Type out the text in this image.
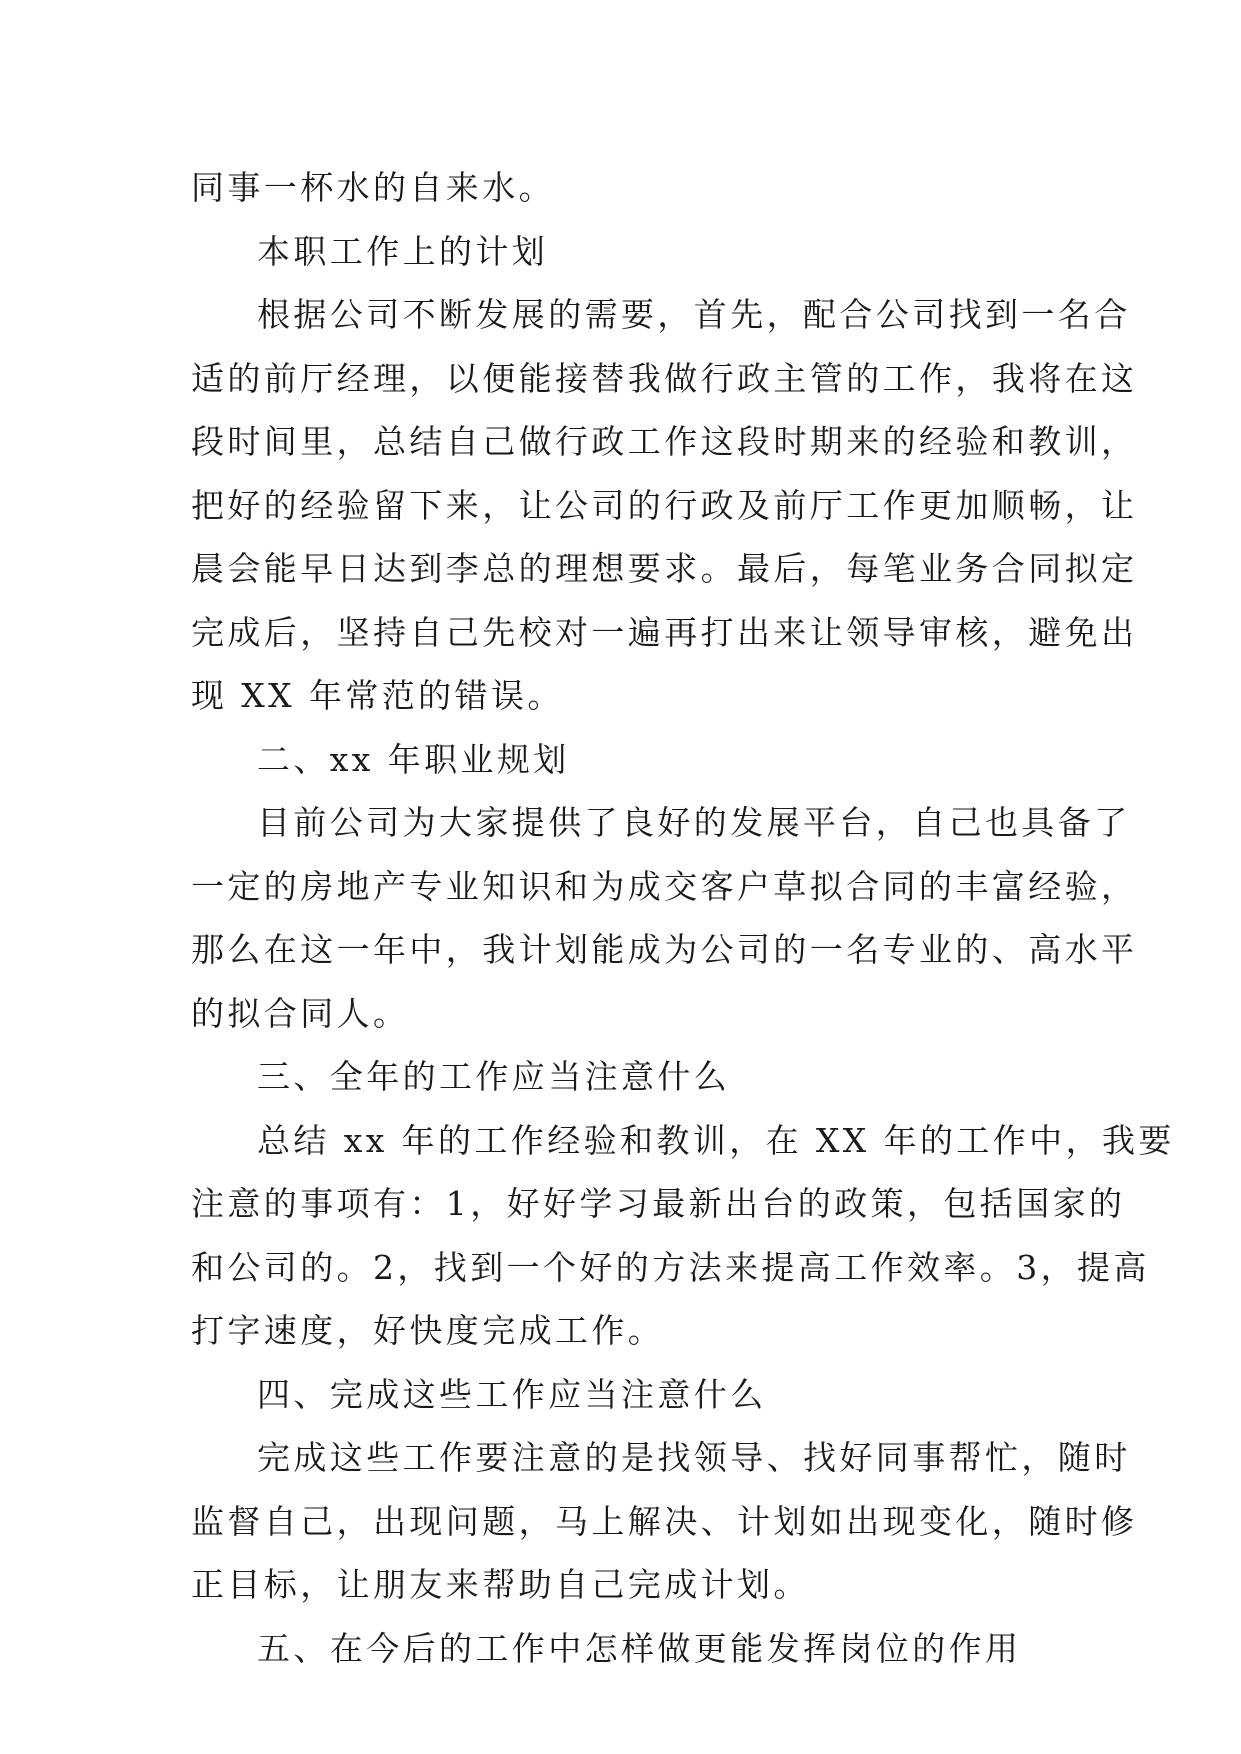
同事一杯水的自来水。
本职工作上的计划
根据公司不断发展的需要，首先，配合公司找到一名合
适的前厅经理，以便能接替我做行政主管的工作，我将在这
段时间里，总结自己做行政工作这段时期来的经验和教训，
把好的经验留下来，让公司的行政及前厅工作更加顺畅，让
晨会能早日达到李总的理想要求。最后，每笔业务合同拟定
完成后，坚持自己先校对一遍再打出来让领导审核，避免出
现 XX 年常范的错误。
二、xx 年职业规划
目前公司为大家提供了良好的发展平台，自己也具备了
一定的房地产专业知识和为成交客户草拟合同的丰富经验，
那么在这一年中，我计划能成为公司的一名专业的、高水平
的拟合同人。
三、全年的工作应当注意什么
总结 xx 年的工作经验和教训，在 XX 年的工作中，我要
注意的事项有：1，好好学习最新出台的政策，包括国家的
和公司的。2，找到一个好的方法来提高工作效率。3，提高
打字速度，好快度完成工作。
四、完成这些工作应当注意什么
完成这些工作要注意的是找领导、找好同事帮忙，随时
监督自己，出现问题，马上解决、计划如出现变化，随时修
正目标，让朋友来帮助自己完成计划。
五、在今后的工作中怎样做更能发挥岗位的作用
